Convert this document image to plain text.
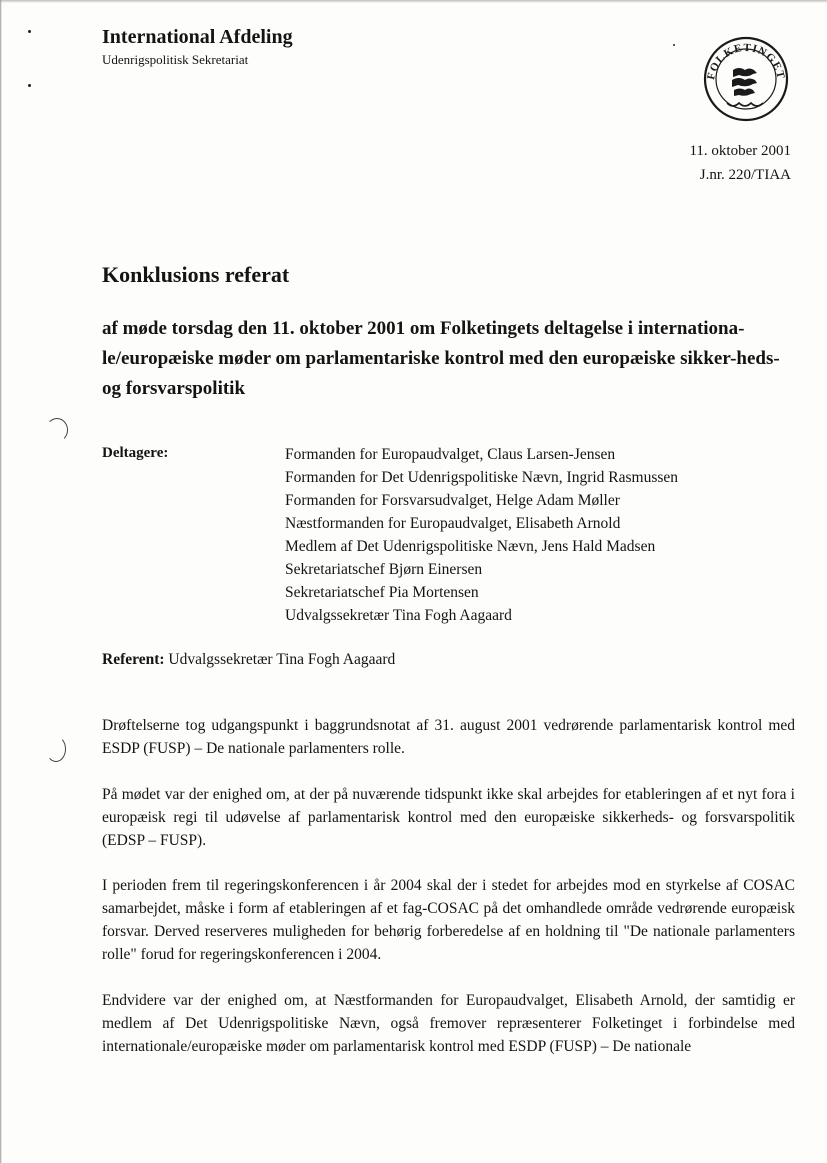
International Afdeling
Udenrigspolitisk Sekretariat
FOLKETINGET
11. oktober 2001
J.nr. 220/TIAA
Konklusions referat
af møde torsdag den 11. oktober 2001 om Folketingets deltagelse i internationa-le/europæiske møder om parlamentariske kontrol med den europæiske sikker-heds- og forsvarspolitik
Deltagere:	Formanden for Europaudvalget, Claus Larsen-Jensen
Formanden for Det Udenrigspolitiske Nævn, Ingrid Rasmussen
Formanden for Forsvarsudvalget, Helge Adam Møller
Næstformanden for Europaudvalget, Elisabeth Arnold
Medlem af Det Udenrigspolitiske Nævn, Jens Hald Madsen
Sekretariatschef Bjørn Einersen
Sekretariatschef Pia Mortensen
Udvalgssekretær Tina Fogh Aagaard
Referent: Udvalgssekretær Tina Fogh Aagaard

Drøftelserne tog udgangspunkt i baggrundsnotat af 31. august 2001 vedrørende parlamentarisk kontrol med ESDP (FUSP) – De nationale parlamenters rolle.

På mødet var der enighed om, at der på nuværende tidspunkt ikke skal arbejdes for etableringen af et nyt fora i europæisk regi til udøvelse af parlamentarisk kontrol med den europæiske sikkerheds- og forsvarspolitik (EDSP – FUSP).

I perioden frem til regeringskonferencen i år 2004 skal der i stedet for arbejdes mod en styrkelse af COSAC samarbejdet, måske i form af etableringen af et fag-COSAC på det omhandlede område vedrørende europæisk forsvar. Derved reserveres muligheden for behørig forberedelse af en holdning til "De nationale parlamenters rolle" forud for regeringskonferencen i 2004.

Endvidere var der enighed om, at Næstformanden for Europaudvalget, Elisabeth Arnold, der samtidig er medlem af Det Udenrigspolitiske Nævn, også fremover repræsenterer Folketinget i forbindelse med internationale/europæiske møder om parlamentarisk kontrol med ESDP (FUSP) – De nationale
